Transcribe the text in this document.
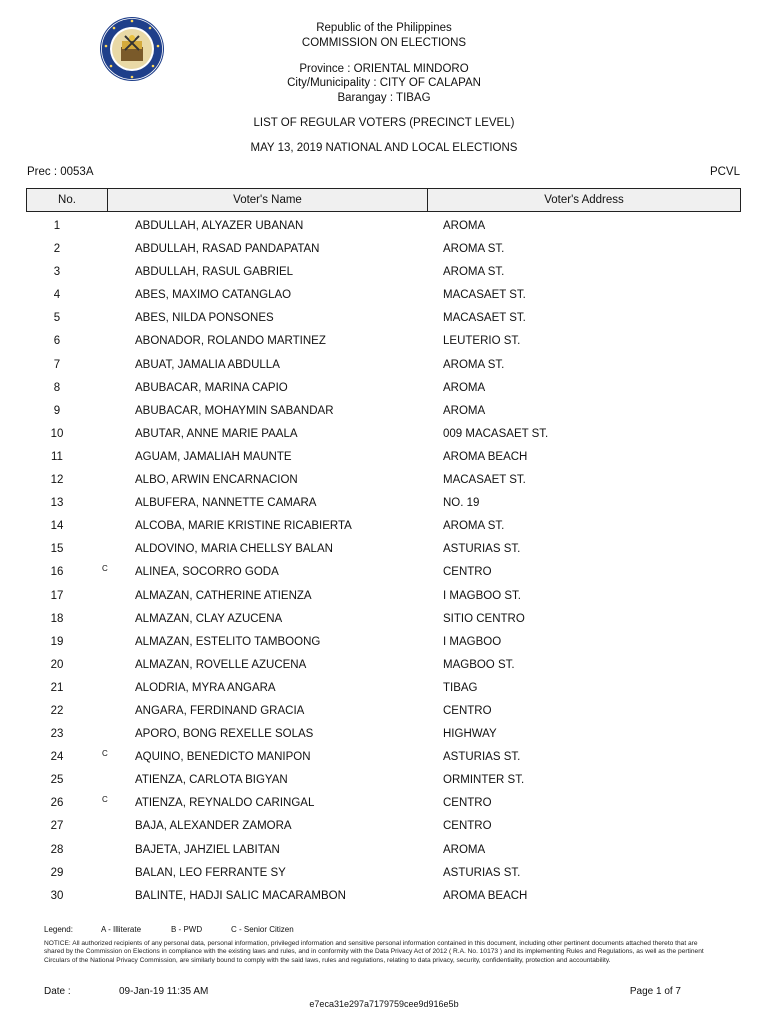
Republic of the Philippines
COMMISSION ON ELECTIONS
Province : ORIENTAL MINDORO
City/Municipality : CITY OF CALAPAN
Barangay : TIBAG
LIST OF REGULAR VOTERS (PRECINCT LEVEL)
MAY 13, 2019 NATIONAL AND LOCAL ELECTIONS
Prec : 0053A	PCVL
No.	Voter's Name	Voter's Address
1	ABDULLAH, ALYAZER UBANAN	AROMA
2	ABDULLAH, RASAD PANDAPATAN	AROMA ST.
3	ABDULLAH, RASUL GABRIEL	AROMA ST.
4	ABES, MAXIMO CATANGLAO	MACASAET ST.
5	ABES, NILDA PONSONES	MACASAET ST.
6	ABONADOR, ROLANDO MARTINEZ	LEUTERIO ST.
7	ABUAT, JAMALIA ABDULLA	AROMA ST.
8	ABUBACAR, MARINA CAPIO	AROMA
9	ABUBACAR, MOHAYMIN SABANDAR	AROMA
10	ABUTAR, ANNE MARIE PAALA	009 MACASAET ST.
11	AGUAM, JAMALIAH MAUNTE	AROMA BEACH
12	ALBO, ARWIN ENCARNACION	MACASAET ST.
13	ALBUFERA, NANNETTE CAMARA	NO. 19
14	ALCOBA, MARIE KRISTINE RICABIERTA	AROMA ST.
15	ALDOVINO, MARIA CHELLSY BALAN	ASTURIAS ST.
16	C ALINEA, SOCORRO GODA	CENTRO
17	ALMAZAN, CATHERINE ATIENZA	I MAGBOO ST.
18	ALMAZAN, CLAY AZUCENA	SITIO CENTRO
19	ALMAZAN, ESTELITO TAMBOONG	I MAGBOO
20	ALMAZAN, ROVELLE AZUCENA	MAGBOO ST.
21	ALODRIA, MYRA ANGARA	TIBAG
22	ANGARA, FERDINAND GRACIA	CENTRO
23	APORO, BONG REXELLE SOLAS	HIGHWAY
24	C AQUINO, BENEDICTO MANIPON	ASTURIAS ST.
25	ATIENZA, CARLOTA BIGYAN	ORMINTER ST.
26	C ATIENZA, REYNALDO CARINGAL	CENTRO
27	BAJA, ALEXANDER ZAMORA	CENTRO
28	BAJETA, JAHZIEL LABITAN	AROMA
29	BALAN, LEO FERRANTE SY	ASTURIAS ST.
30	BALINTE, HADJI SALIC MACARAMBON	AROMA BEACH
Legend:	A - Illiterate	B - PWD	C - Senior Citizen
NOTICE: All authorized recipients of any personal data, personal information, privileged information and sensitive personal information contained in this document, including other pertinent documents attached thereto that are shared by the Commission on Elections in compliance with the existing laws and rules, and in conformity with the Data Privacy Act of 2012 ( R.A. No. 10173 ) and its implementing Rules and Regulations, as well as the pertinent Circulars of the National Privacy Commission, are similarly bound to comply with the said laws, rules and regulations, relating to data privacy, security, confidentiality, protection and accountability.
Date :	09-Jan-19 11:35 AM	Page 1 of 7
e7eca31e297a7179759cee9d916e5b
